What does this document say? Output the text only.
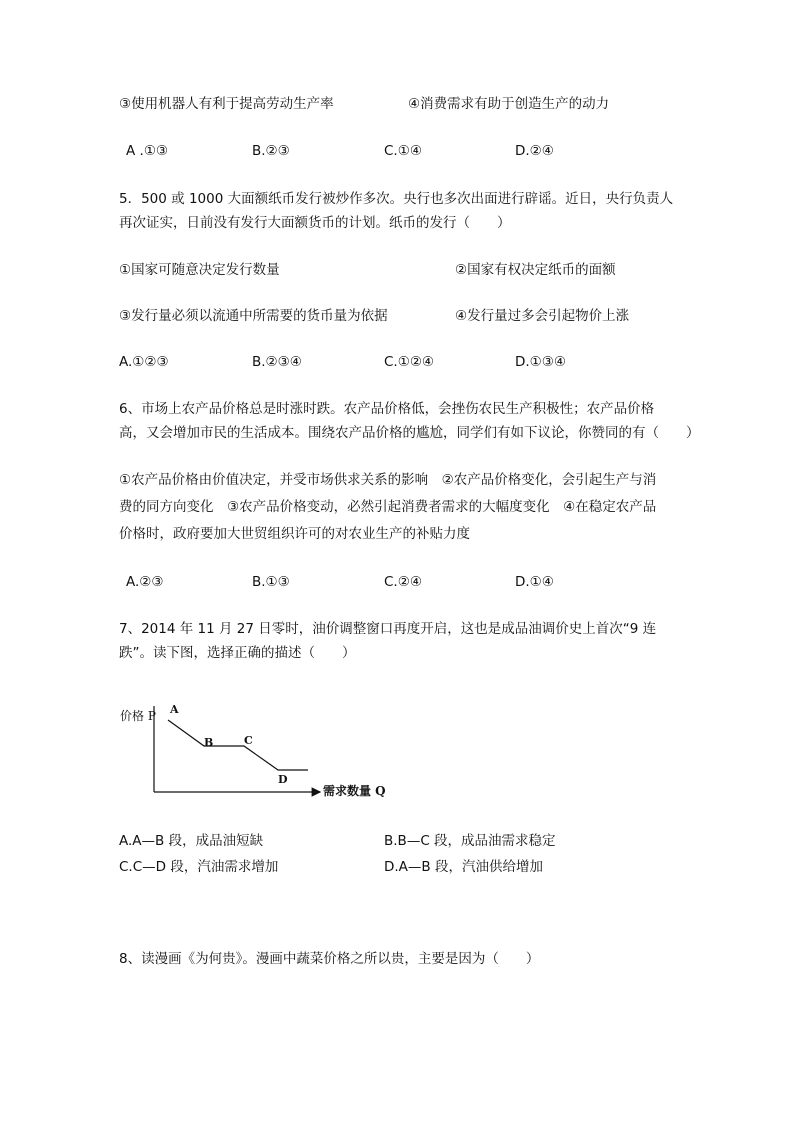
③使用机器人有利于提高劳动生产率	④消费需求有助于创造生产的动力
A .①③	B.②③	C.①④	D.②④
5．500 或 1000 大面额纸币发行被炒作多次。央行也多次出面进行辟谣。近日，央行负责人
再次证实，日前没有发行大面额货币的计划。纸币的发行（　　）
①国家可随意决定发行数量	②国家有权决定纸币的面额
③发行量必须以流通中所需要的货币量为依据	④发行量过多会引起物价上涨
A.①②③	B.②③④	C.①②④	D.①③④
6、市场上农产品价格总是时涨时跌。农产品价格低，会挫伤农民生产积极性；农产品价格
高，又会增加市民的生活成本。围绕农产品价格的尴尬，同学们有如下议论，你赞同的有（　　）
①农产品价格由价值决定，并受市场供求关系的影响　②农产品价格变化，会引起生产与消
费的同方向变化　③农产品价格变动，必然引起消费者需求的大幅度变化　④在稳定农产品
价格时，政府要加大世贸组织许可的对农业生产的补贴力度
A.②③	B.①③	C.②④	D.①④
7、2014 年 11 月 27 日零时，油价调整窗口再度开启，这也是成品油调价史上首次“9 连
跌”。读下图，选择正确的描述（　　）
价格 P
需求数量 Q
A
B	C
D
A.A—B 段，成品油短缺	B.B—C 段，成品油需求稳定
C.C—D 段，汽油需求增加	D.A—B 段，汽油供给增加
8、读漫画《为何贵》。漫画中蔬菜价格之所以贵，主要是因为（　　）
